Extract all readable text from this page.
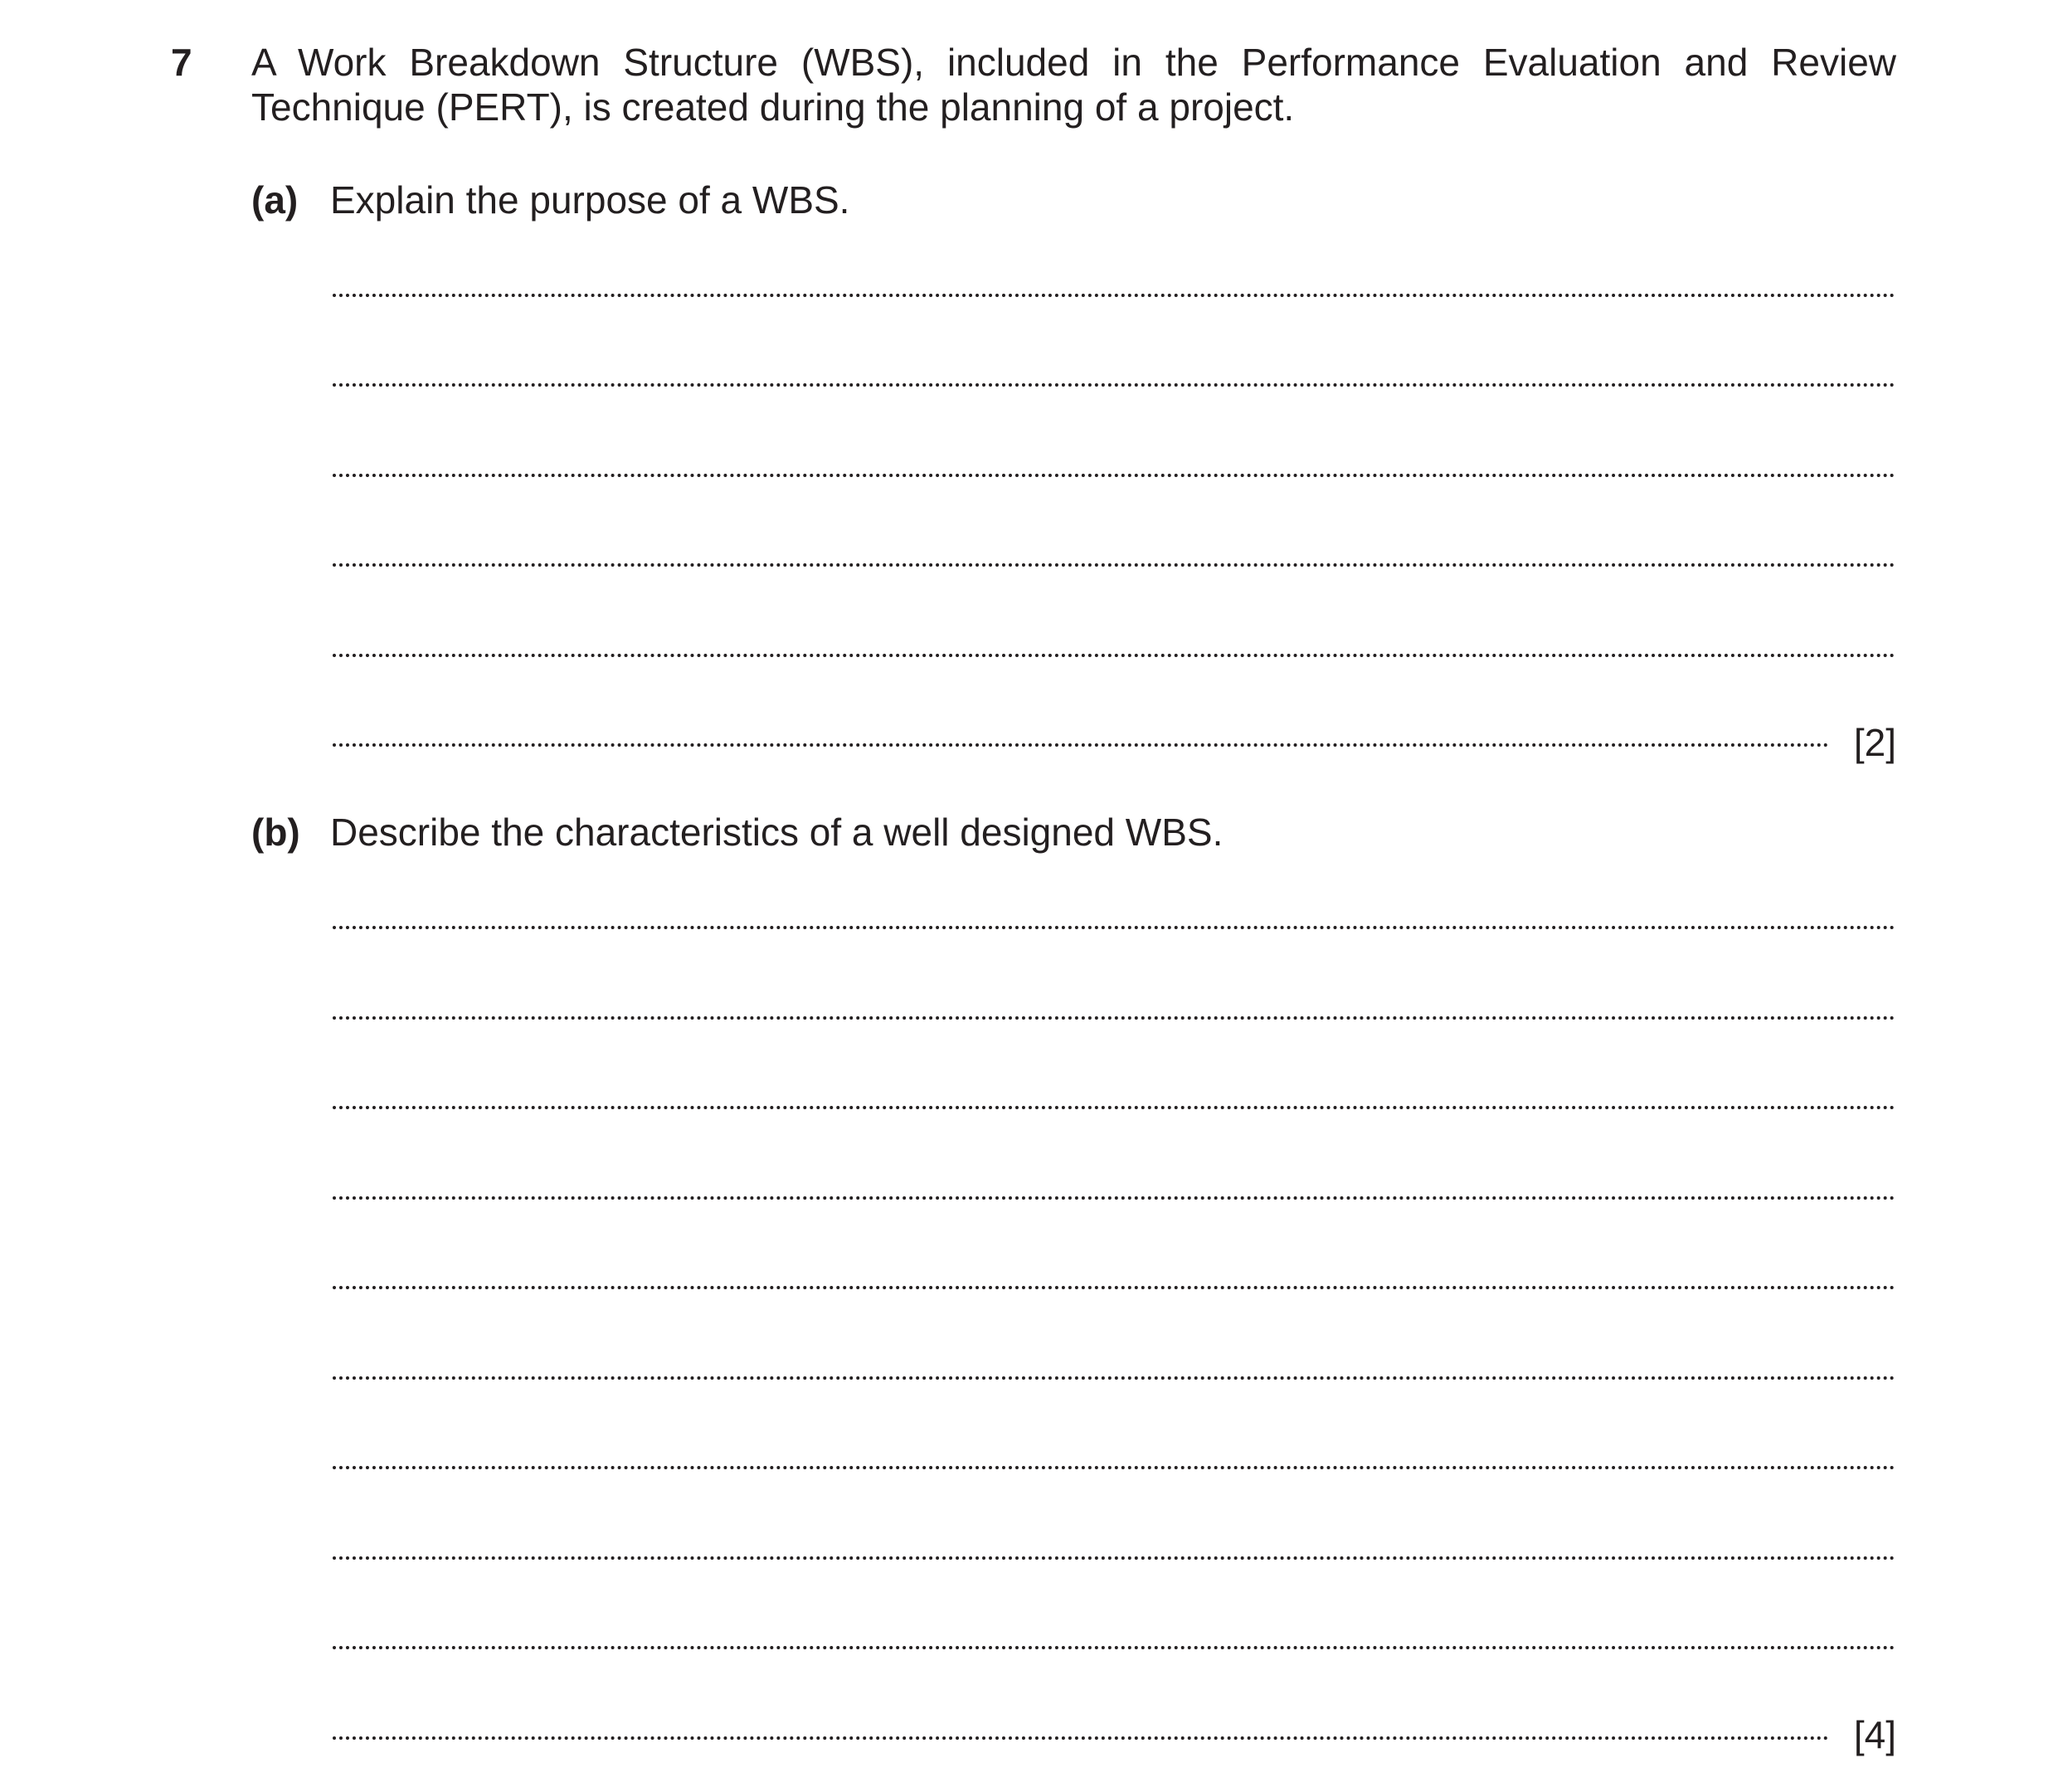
7 A Work Breakdown Structure (WBS), included in the Performance Evaluation and Review Technique (PERT), is created during the planning of a project.
(a) Explain the purpose of a WBS.
[2]
(b) Describe the characteristics of a well designed WBS.
[4]
